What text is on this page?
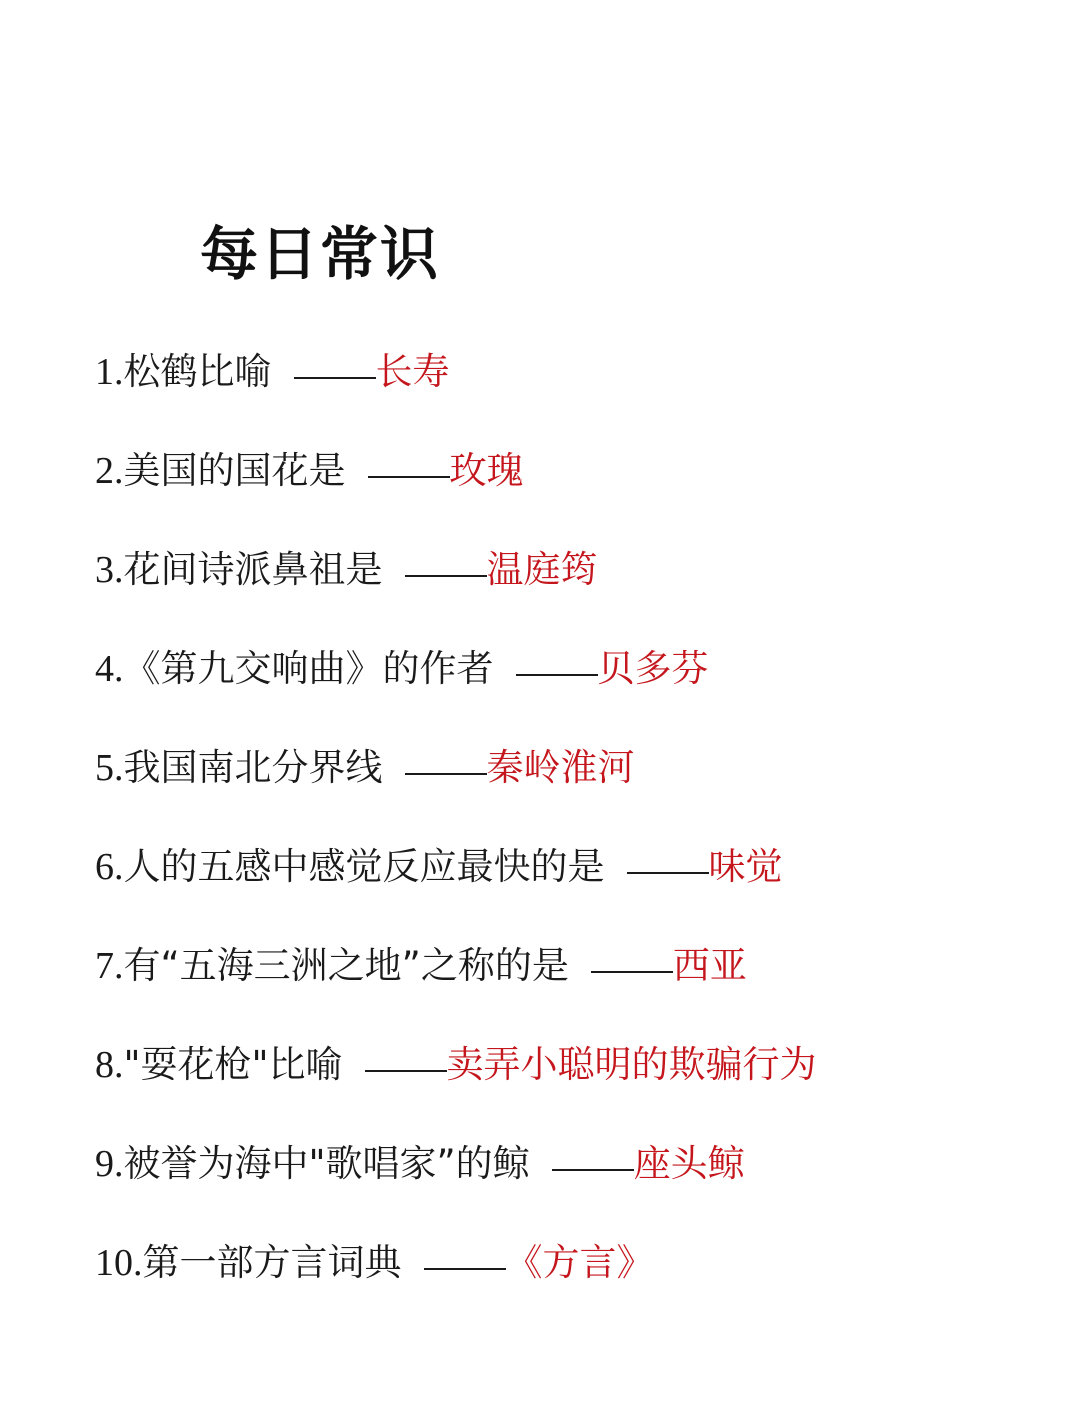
每日常识
1. 松鹤比喻	长寿
2. 美国的国花是	玫瑰
3. 花间诗派鼻祖是	温庭筠
4. 《第九交响曲》的作者	贝多芬
5. 我国南北分界线	秦岭淮河
6. 人的五感中感觉反应最快的是	味觉
7. 有“五海三洲之地”之称的是	西亚
8. "耍花枪"比喻	卖弄小聪明的欺骗行为
9. 被誉为海中"歌唱家”的鲸	座头鲸
10. 第一部方言词典	《方言》
